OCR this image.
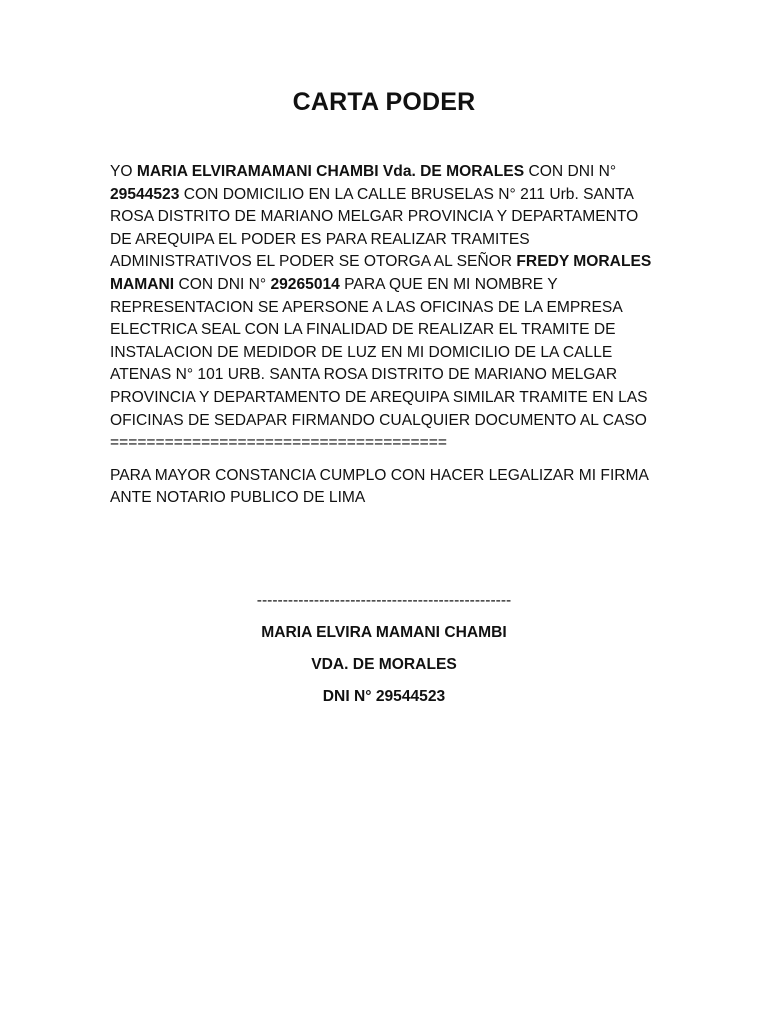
CARTA PODER

YO MARIA ELVIRAMAMANI CHAMBI Vda. DE MORALES CON DNI N° 29544523 CON DOMICILIO EN LA CALLE BRUSELAS N° 211 Urb. SANTA ROSA DISTRITO DE MARIANO MELGAR PROVINCIA Y DEPARTAMENTO DE AREQUIPA EL PODER ES PARA REALIZAR TRAMITES ADMINISTRATIVOS EL PODER SE OTORGA AL SEÑOR FREDY MORALES MAMANI CON DNI N° 29265014 PARA QUE EN MI NOMBRE Y REPRESENTACION SE APERSONE A LAS OFICINAS DE LA EMPRESA ELECTRICA SEAL CON LA FINALIDAD DE REALIZAR EL TRAMITE DE INSTALACION DE MEDIDOR DE LUZ EN MI DOMICILIO DE LA CALLE ATENAS N° 101 URB. SANTA ROSA DISTRITO DE MARIANO MELGAR PROVINCIA Y DEPARTAMENTO DE AREQUIPA SIMILAR TRAMITE EN LAS OFICINAS DE SEDAPAR FIRMANDO CUALQUIER DOCUMENTO AL CASO =====================================

PARA MAYOR CONSTANCIA CUMPLO CON HACER LEGALIZAR MI FIRMA ANTE NOTARIO PUBLICO DE LIMA

-------------------------------------------------
MARIA ELVIRA MAMANI CHAMBI
VDA. DE MORALES
DNI N° 29544523
